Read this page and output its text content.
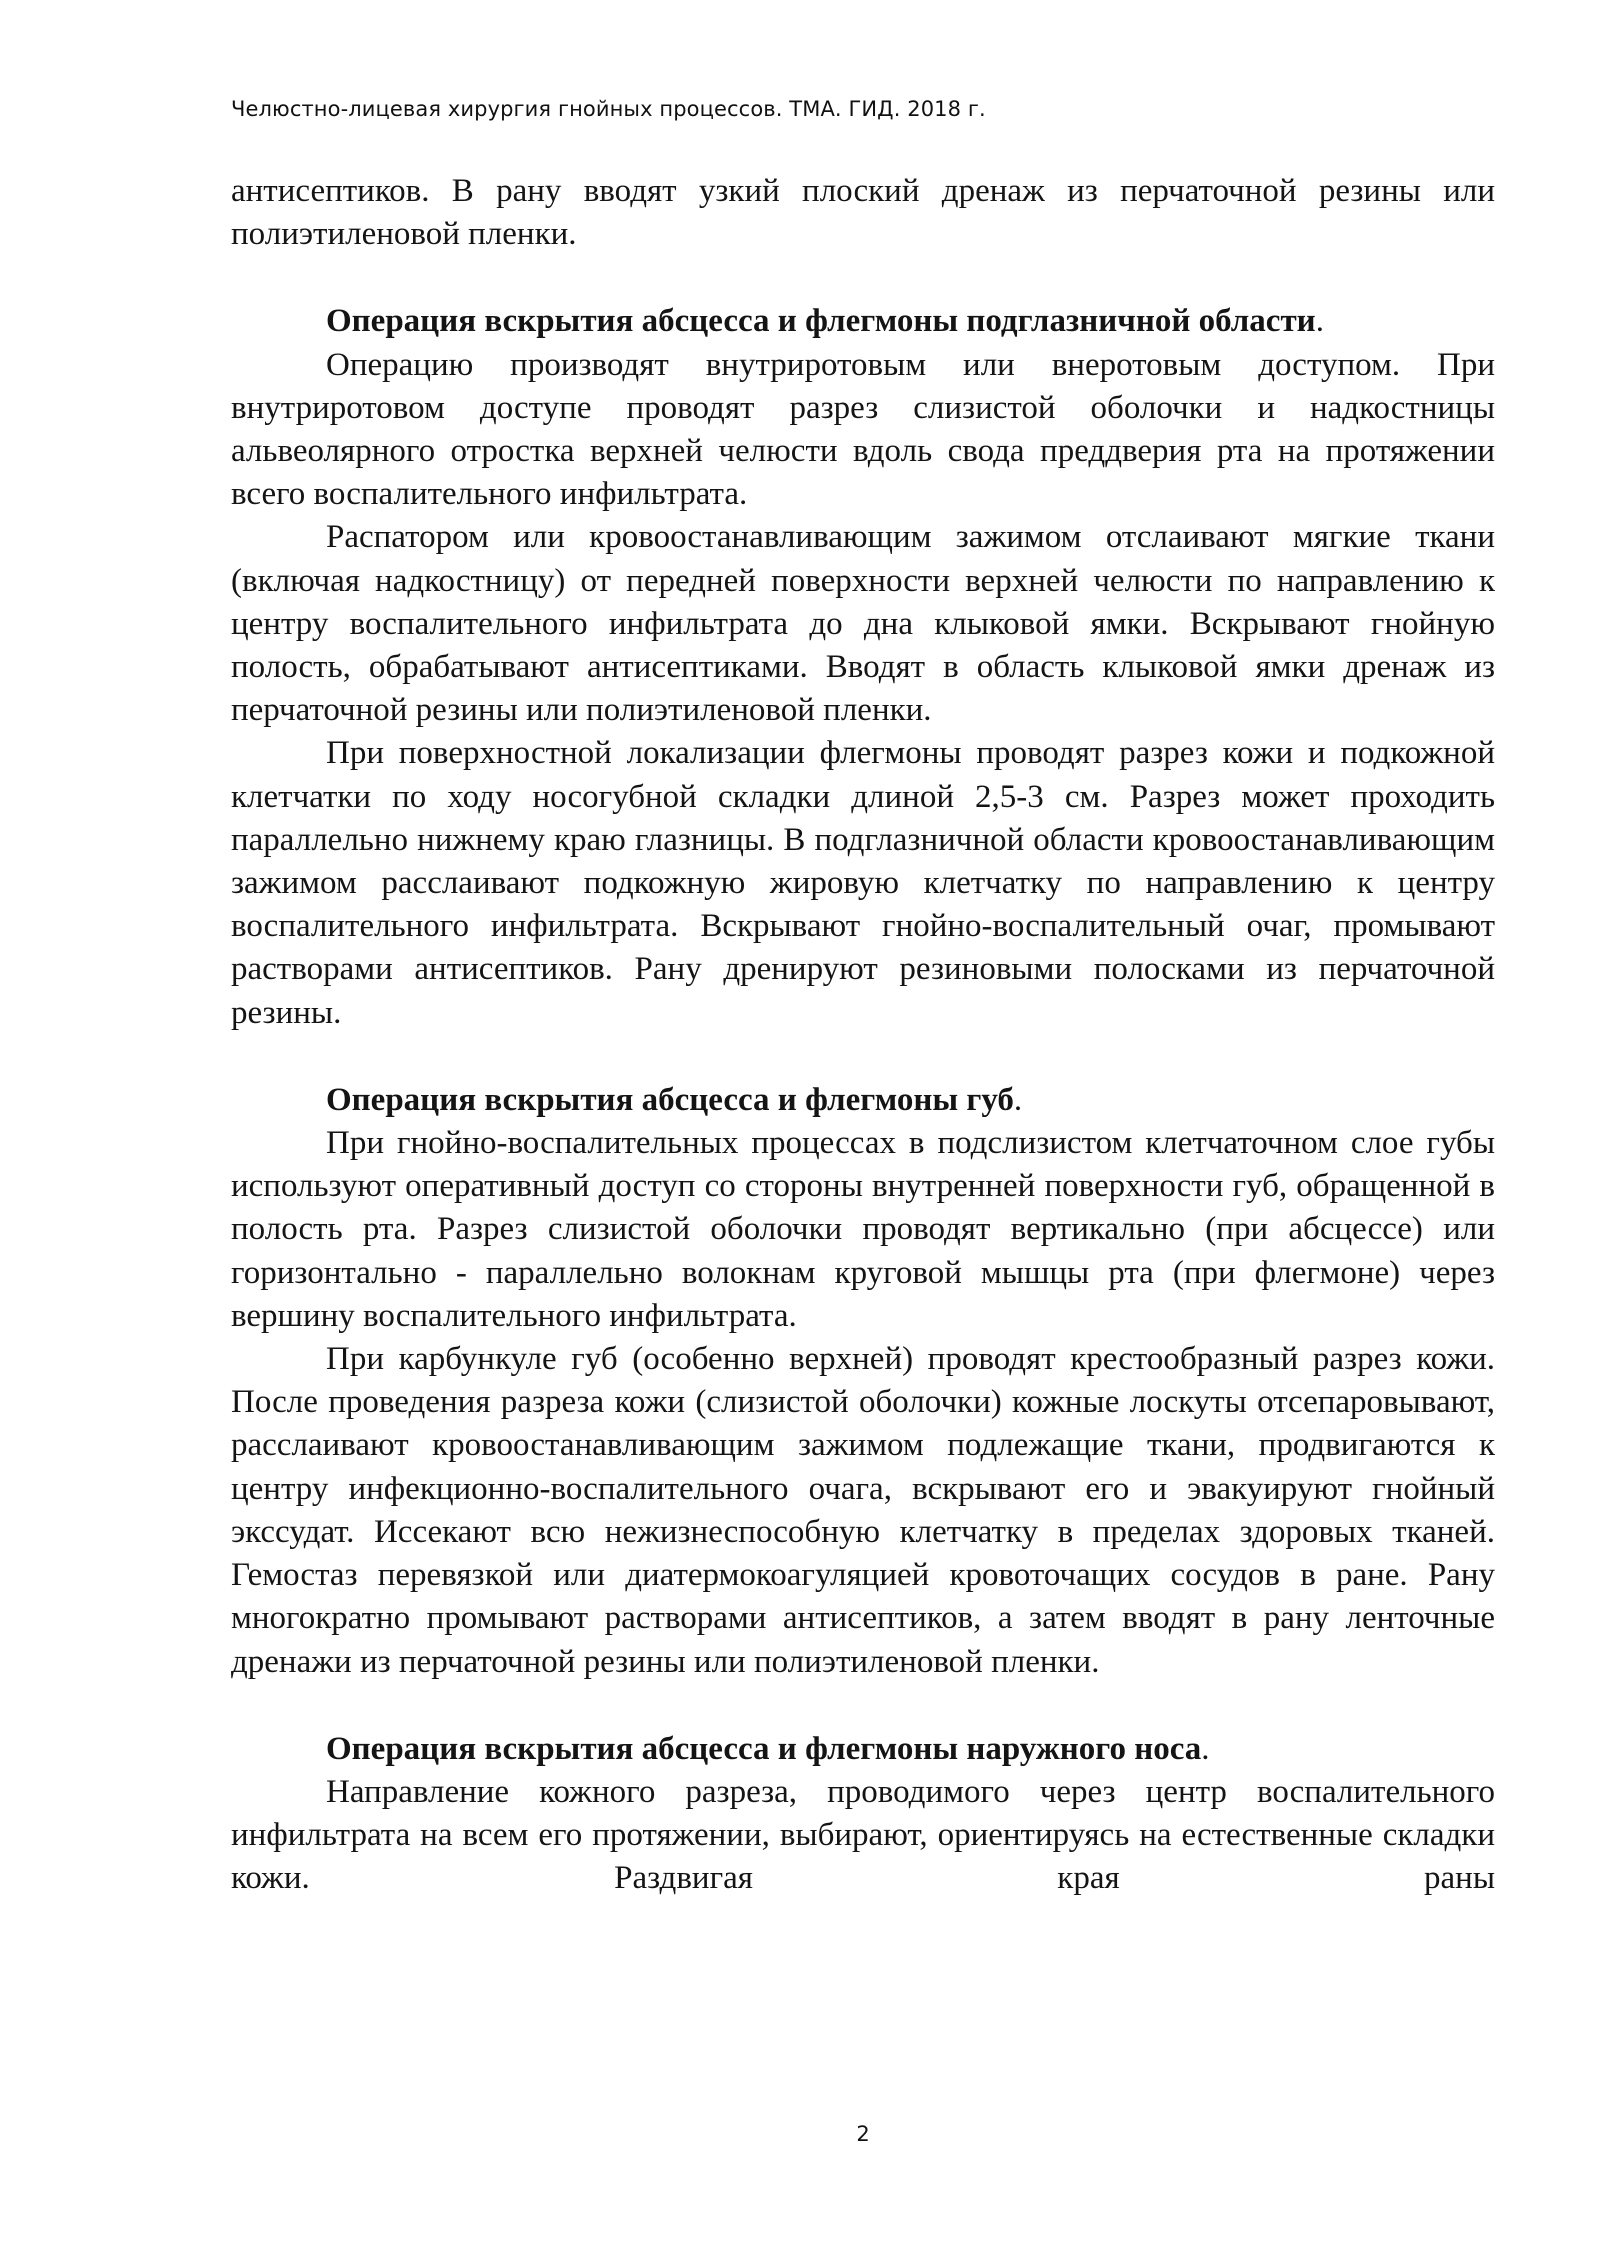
Челюстно-лицевая хирургия гнойных процессов. ТМА. ГИД. 2018 г.

антисептиков. В рану вводят узкий плоский дренаж из перчаточной резины или полиэтиленовой пленки.

Операция вскрытия абсцесса и флегмоны подглазничной области.

Операцию производят внутриротовым или внеротовым доступом. При внутриротовом доступе проводят разрез слизистой оболочки и надкостницы альвеолярного отростка верхней челюсти вдоль свода преддверия рта на протяжении всего воспалительного инфильтрата.

Распатором или кровоостанавливающим зажимом отслаивают мягкие ткани (включая надкостницу) от передней поверхности верхней челюсти по направлению к центру воспалительного инфильтрата до дна клыковой ямки. Вскрывают гнойную полость, обрабатывают антисептиками. Вводят в область клыковой ямки дренаж из перчаточной резины или полиэтиленовой пленки.

При поверхностной локализации флегмоны проводят разрез кожи и подкожной клетчатки по ходу носогубной складки длиной 2,5-3 см. Разрез может проходить параллельно нижнему краю глазницы. В подглазничной области кровоостанавливающим зажимом расслаивают подкожную жировую клетчатку по направлению к центру воспалительного инфильтрата. Вскрывают гнойно-воспалительный очаг, промывают растворами антисептиков. Рану дренируют резиновыми полосками из перчаточной резины.

Операция вскрытия абсцесса и флегмоны губ.

При гнойно-воспалительных процессах в подслизистом клетчаточном слое губы используют оперативный доступ со стороны внутренней поверхности губ, обращенной в полость рта. Разрез слизистой оболочки проводят вертикально (при абсцессе) или горизонтально - параллельно волокнам круговой мышцы рта (при флегмоне) через вершину воспалительного инфильтрата.

При карбункуле губ (особенно верхней) проводят крестообразный разрез кожи. После проведения разреза кожи (слизистой оболочки) кожные лоскуты отсепаровывают, расслаивают кровоостанавливающим зажимом подлежащие ткани, продвигаются к центру инфекционно-воспалительного очага, вскрывают его и эвакуируют гнойный экссудат. Иссекают всю нежизнеспособную клетчатку в пределах здоровых тканей. Гемостаз перевязкой или диатермокоагуляцией кровоточащих сосудов в ране. Рану многократно промывают растворами антисептиков, а затем вводят в рану ленточные дренажи из перчаточной резины или полиэтиленовой пленки.

Операция вскрытия абсцесса и флегмоны наружного носа.

Направление кожного разреза, проводимого через центр воспалительного инфильтрата на всем его протяжении, выбирают, ориентируясь на естественные складки кожи. Раздвигая края раны

2
